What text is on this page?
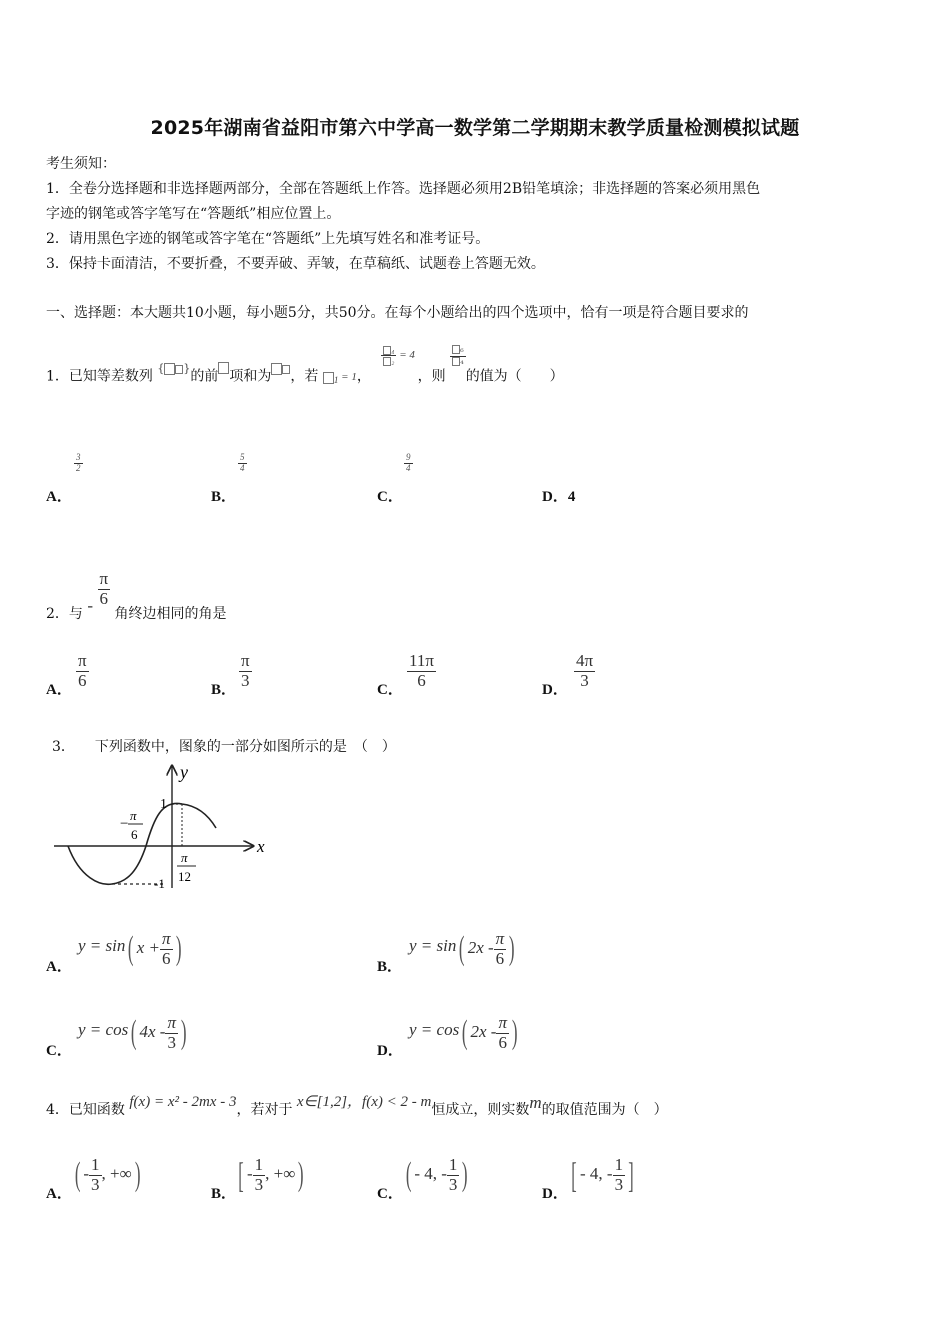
2025年湖南省益阳市第六中学高一数学第二学期期末教学质量检测模拟试题
考生须知：
1．全卷分选择题和非选择题两部分，全部在答题纸上作答。选择题必须用2B铅笔填涂；非选择题的答案必须用黑色
字迹的钢笔或答字笔写在“答题纸”相应位置上。
2．请用黑色字迹的钢笔或答字笔在“答题纸”上先填写姓名和准考证号。
3．保持卡面清洁，不要折叠，不要弄破、弄皱，在草稿纸、试题卷上答题无效。
一、选择题：本大题共10小题，每小题5分，共50分。在每个小题给出的四个选项中，恰有一项是符合题目要求的
1．已知等差数列 { }的前 项和为 ，若 $_1$ = 1，
$^{\frac{\text{₄}}{\text{₂}} = 4}$ ，则
$\frac{\text{₆}}{\text{₄}}$
的值为（　　）
A．
$\frac{3}{2}$
B．
$\frac{5}{4}$
C．
$\frac{9}{4}$
D．4
2．与 - $\frac{\pi}{6}$
角终边相同的角是
A． $\frac{\pi}{6}$	B． $\frac{\pi}{3}$	C． $\frac{11\pi}{6}$	D． $\frac{4\pi}{3}$
3． 下列函数中，图象的一部分如图所示的是　（　）
y
x
1
-1
−
π
6
π
12
A．
y = sin( $x + \frac{\pi}{6}$ )	B．
y = sin( $2x - \frac{\pi}{6}$ )
C．
y = cos( $4x - \frac{\pi}{3}$ )	D．
y = cos( $2x - \frac{\pi}{6}$ )
4．已知函数 f(x) = x² - 2mx - 3，若对于 x∈[1,2]，f(x) < 2 - m恒成立，则实数m的取值范围为（　）
A．
( - $\frac{1}{3}$ , +∞)
B． [ - $\frac{1}{3}$ , +∞)
C．
( - 4, - $\frac{1}{3}$ )
D． [ - 4, - $\frac{1}{3}$ ]
